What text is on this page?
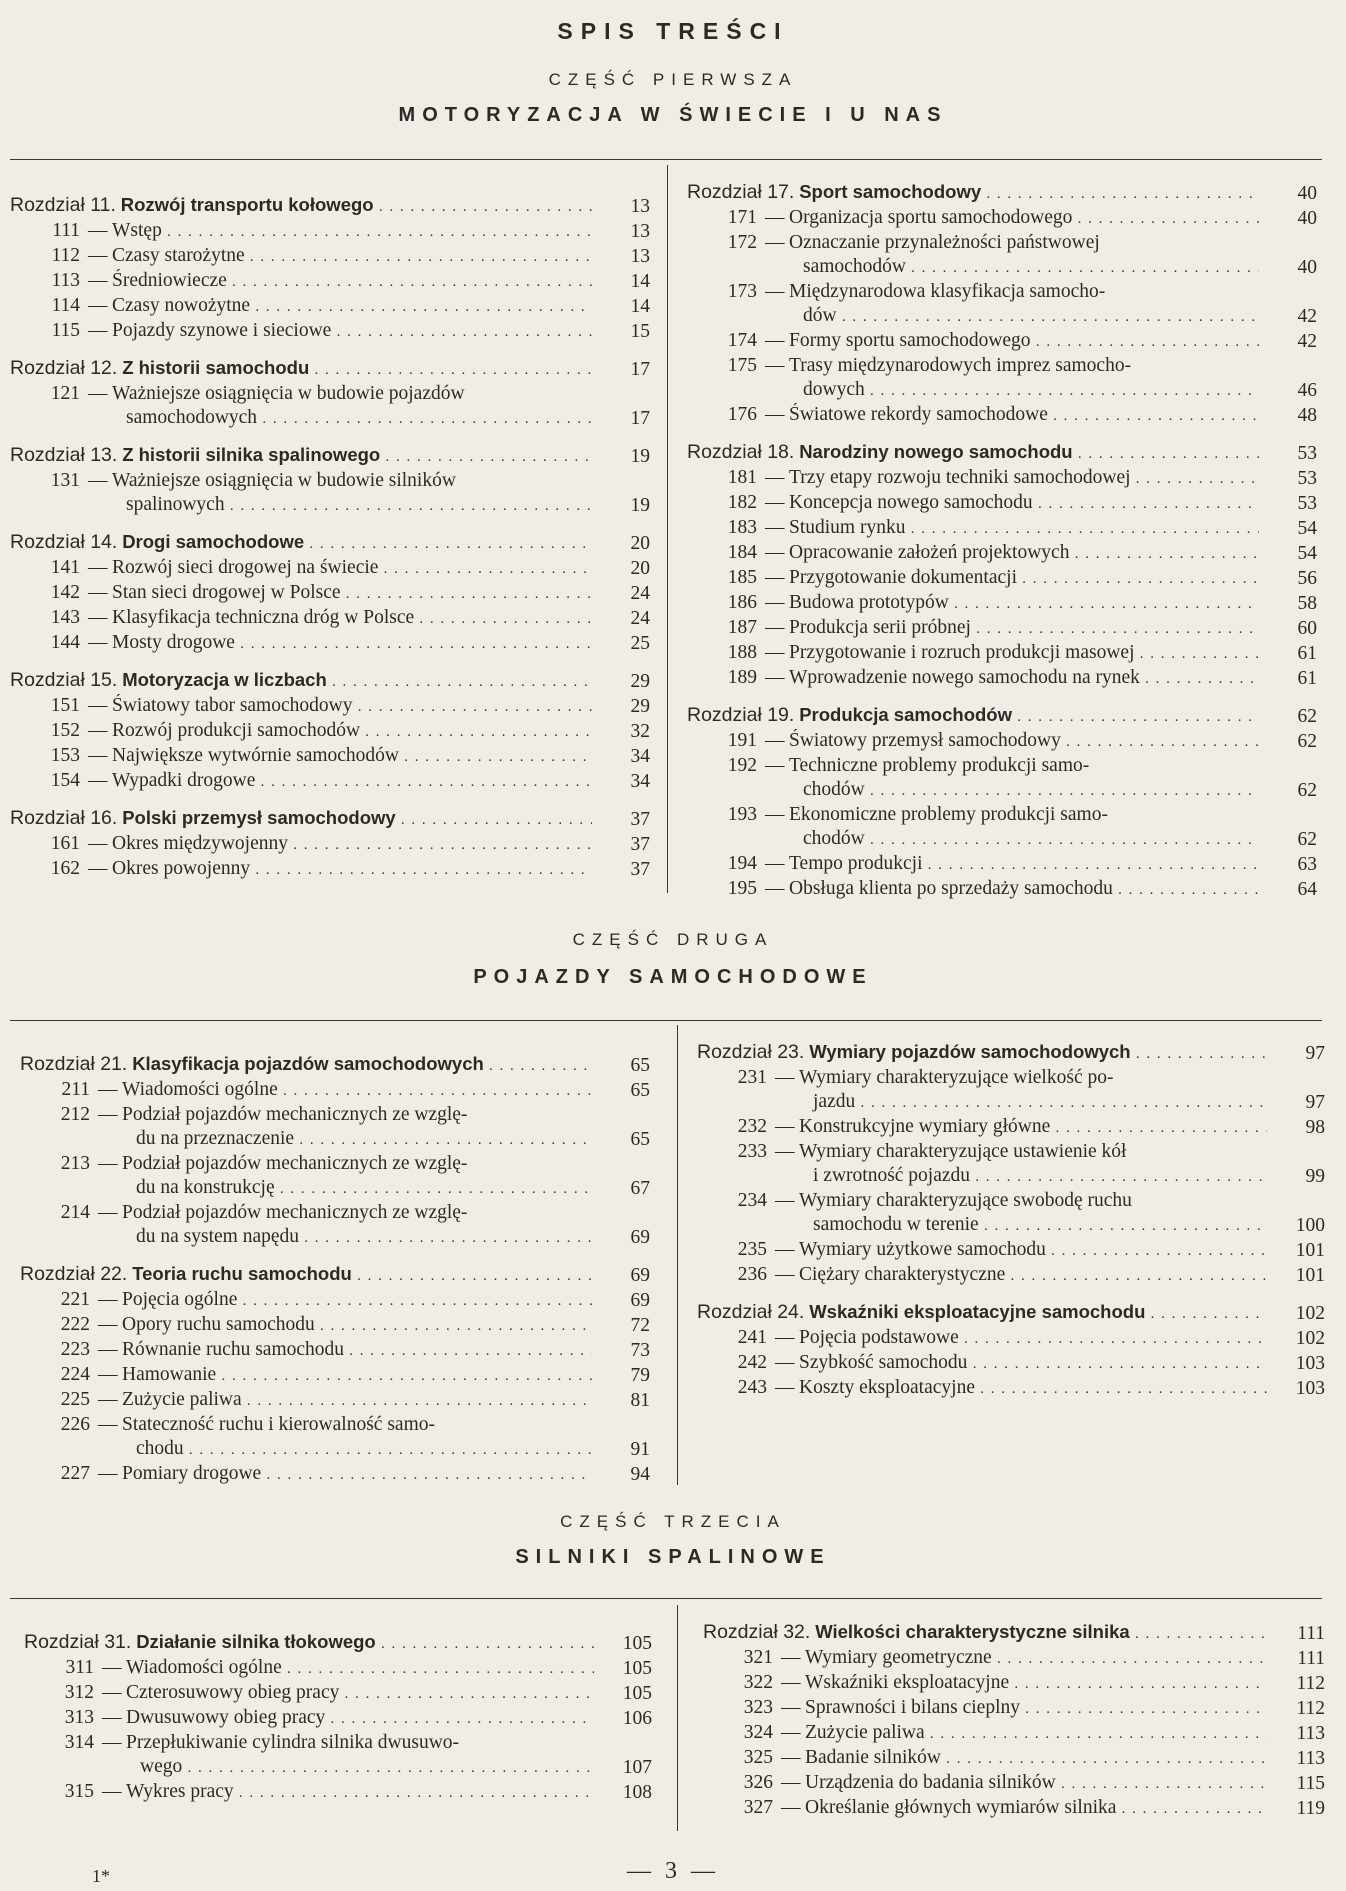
SPIS TREŚCI
CZĘŚĆ PIERWSZA
MOTORYZACJA W ŚWIECIE I U NAS
Rozdział 11. Rozwój transportu kołowego . . .	13
111 — Wstęp . . .	13
112 — Czasy starożytne . . .	13
113 — Średniowiecze . . .	14
114 — Czasy nowożytne . . .	14
115 — Pojazdy szynowe i sieciowe . . .	15
Rozdział 12. Z historii samochodu . . .	17
121 — Ważniejsze osiągnięcia w budowie pojazdów
samochodowych . . .	17
Rozdział 13. Z historii silnika spalinowego . . .	19
131 — Ważniejsze osiągnięcia w budowie silników
spalinowych . . .	19
Rozdział 14. Drogi samochodowe . . .	20
141 — Rozwój sieci drogowej na świecie . . .	20
142 — Stan sieci drogowej w Polsce . . .	24
143 — Klasyfikacja techniczna dróg w Polsce . . .	24
144 — Mosty drogowe . . .	25
Rozdział 15. Motoryzacja w liczbach . . .	29
151 — Światowy tabor samochodowy . . .	29
152 — Rozwój produkcji samochodów . . .	32
153 — Największe wytwórnie samochodów . . .	34
154 — Wypadki drogowe . . .	34
Rozdział 16. Polski przemysł samochodowy . . .	37
161 — Okres międzywojenny . . .	37
162 — Okres powojenny . . .	37
Rozdział 17. Sport samochodowy . . .	40
171 — Organizacja sportu samochodowego . . .	40
172 — Oznaczanie przynależności państwowej
samochodów . . .	40
173 — Międzynarodowa klasyfikacja samocho-
dów . . .	42
174 — Formy sportu samochodowego . . .	42
175 — Trasy międzynarodowych imprez samocho-
dowych . . .	46
176 — Światowe rekordy samochodowe . . .	48
Rozdział 18. Narodziny nowego samochodu . . .	53
181 — Trzy etapy rozwoju techniki samochodowej . . .	53
182 — Koncepcja nowego samochodu . . .	53
183 — Studium rynku . . .	54
184 — Opracowanie założeń projektowych . . .	54
185 — Przygotowanie dokumentacji . . .	56
186 — Budowa prototypów . . .	58
187 — Produkcja serii próbnej . . .	60
188 — Przygotowanie i rozruch produkcji masowej . . .	61
189 — Wprowadzenie nowego samochodu na rynek . . .	61
Rozdział 19. Produkcja samochodów . . .	62
191 — Światowy przemysł samochodowy . . .	62
192 — Techniczne problemy produkcji samo-
chodów . . .	62
193 — Ekonomiczne problemy produkcji samo-
chodów . . .	62
194 — Tempo produkcji . . .	63
195 — Obsługa klienta po sprzedaży samochodu . . .	64
CZĘŚĆ DRUGA
POJAZDY SAMOCHODOWE
Rozdział 21. Klasyfikacja pojazdów samochodowych . . .	65
211 — Wiadomości ogólne . . .	65
212 — Podział pojazdów mechanicznych ze wzglę-
du na przeznaczenie . . .	65
213 — Podział pojazdów mechanicznych ze wzglę-
du na konstrukcję . . .	67
214 — Podział pojazdów mechanicznych ze wzglę-
du na system napędu . . .	69
Rozdział 22. Teoria ruchu samochodu . . .	69
221 — Pojęcia ogólne . . .	69
222 — Opory ruchu samochodu . . .	72
223 — Równanie ruchu samochodu . . .	73
224 — Hamowanie . . .	79
225 — Zużycie paliwa . . .	81
226 — Stateczność ruchu i kierowalność samo-
chodu . . .	91
227 — Pomiary drogowe . . .	94
Rozdział 23. Wymiary pojazdów samochodowych . . .	97
231 — Wymiary charakteryzujące wielkość po-
jazdu . . .	97
232 — Konstrukcyjne wymiary główne . . .	98
233 — Wymiary charakteryzujące ustawienie kół
i zwrotność pojazdu . . .	99
234 — Wymiary charakteryzujące swobodę ruchu
samochodu w terenie . . .	100
235 — Wymiary użytkowe samochodu . . .	101
236 — Ciężary charakterystyczne . . .	101
Rozdział 24. Wskaźniki eksploatacyjne samochodu . . .	102
241 — Pojęcia podstawowe . . .	102
242 — Szybkość samochodu . . .	103
243 — Koszty eksploatacyjne . . .	103
CZĘŚĆ TRZECIA
SILNIKI SPALINOWE
Rozdział 31. Działanie silnika tłokowego . . .	105
311 — Wiadomości ogólne . . .	105
312 — Czterosuwowy obieg pracy . . .	105
313 — Dwusuwowy obieg pracy . . .	106
314 — Przepłukiwanie cylindra silnika dwusuwo-
wego . . .	107
315 — Wykres pracy . . .	108
Rozdział 32. Wielkości charakterystyczne silnika . . .	111
321 — Wymiary geometryczne . . .	111
322 — Wskaźniki eksploatacyjne . . .	112
323 — Sprawności i bilans cieplny . . .	112
324 — Zużycie paliwa . . .	113
325 — Badanie silników . . .	113
326 — Urządzenia do badania silników . . .	115
327 — Określanie głównych wymiarów silnika . . .	119
1*	— 3 —
